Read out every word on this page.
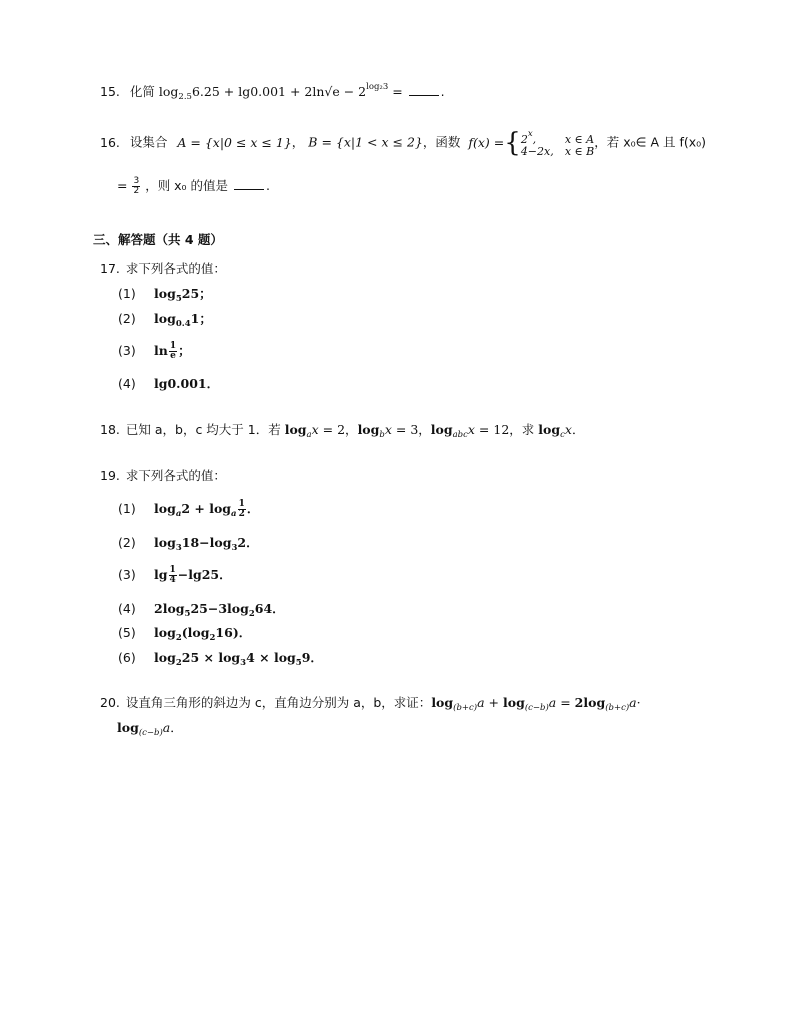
15. 化简 $\log_{2.5}6.25 + \lg 0.001 + 2\ln√e - 2^{log_23}$ =	.
16. 设集合 A = {x|0 ≤ x ≤ 1}， B = {x|1 < x ≤ 2}，函数 f(x) ={ 2$^x$,	x ∈ A
4−2x, x ∈ B
，若 x₀∈ A 且 f(x₀)
= $\frac{3}{2}$ ，则 x₀ 的值是	.
三、解答题（共 4 题）
17. 求下列各式的值：
(1) $\log_525$；
(2) $\log_{0.4}1$；
(3) $\ln \frac{1}{e}$ ；
(4) lg0.001．
18. 已知 a，b，c 均大于 1．若 $\log_ax = 2$，$\log_bx = 3$，$\log_{abc}x = 12$，求 $\log_cx$．
19. 求下列各式的值：
(1) $\log_a2 + \log_a \frac{1}{2}$ ．
(2) $\log_318-\log_32$．
(3) $\lg \frac{1}{4} -\lg 25$．
(4) $2\log_525-3\log_264$．
(5) $\log_2(\log_216)$．
(6) $\log_225 \times \log_34 \times \log_59$．
20. 设直角三角形的斜边为 c，直角边分别为 a，b，求证：$\log_{(b+c)}a + \log_{(c-b)}a = 2\log_{(b+c)}a\cdot$
$\log_{(c-b)}a$．
